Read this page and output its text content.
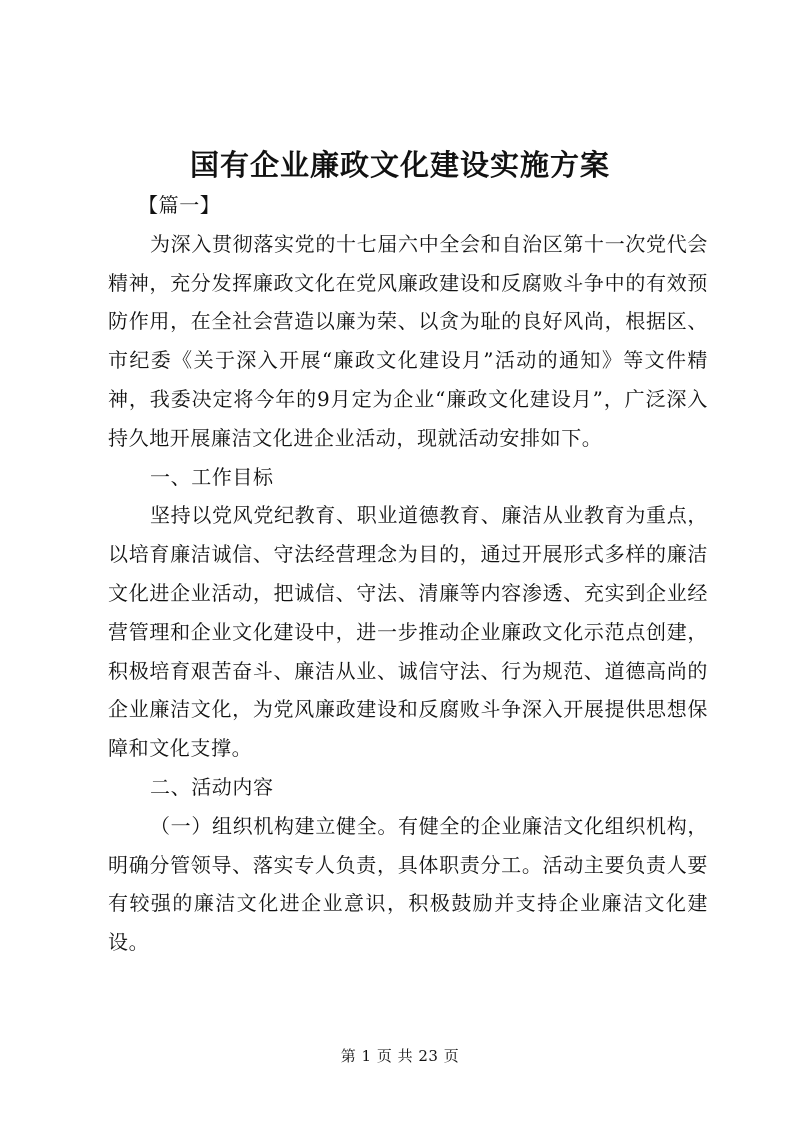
国有企业廉政文化建设实施方案

【篇一】

为深入贯彻落实党的十七届六中全会和自治区第十一次党代会精神，充分发挥廉政文化在党风廉政建设和反腐败斗争中的有效预防作用，在全社会营造以廉为荣、以贪为耻的良好风尚，根据区、市纪委《关于深入开展“廉政文化建设月”活动的通知》等文件精神，我委决定将今年的9月定为企业“廉政文化建设月”，广泛深入持久地开展廉洁文化进企业活动，现就活动安排如下。

一、工作目标

坚持以党风党纪教育、职业道德教育、廉洁从业教育为重点，以培育廉洁诚信、守法经营理念为目的，通过开展形式多样的廉洁文化进企业活动，把诚信、守法、清廉等内容渗透、充实到企业经营管理和企业文化建设中，进一步推动企业廉政文化示范点创建，积极培育艰苦奋斗、廉洁从业、诚信守法、行为规范、道德高尚的企业廉洁文化，为党风廉政建设和反腐败斗争深入开展提供思想保障和文化支撑。

二、活动内容

（一）组织机构建立健全。有健全的企业廉洁文化组织机构，明确分管领导、落实专人负责，具体职责分工。活动主要负责人要有较强的廉洁文化进企业意识，积极鼓励并支持企业廉洁文化建设。

第 1 页 共 23 页
